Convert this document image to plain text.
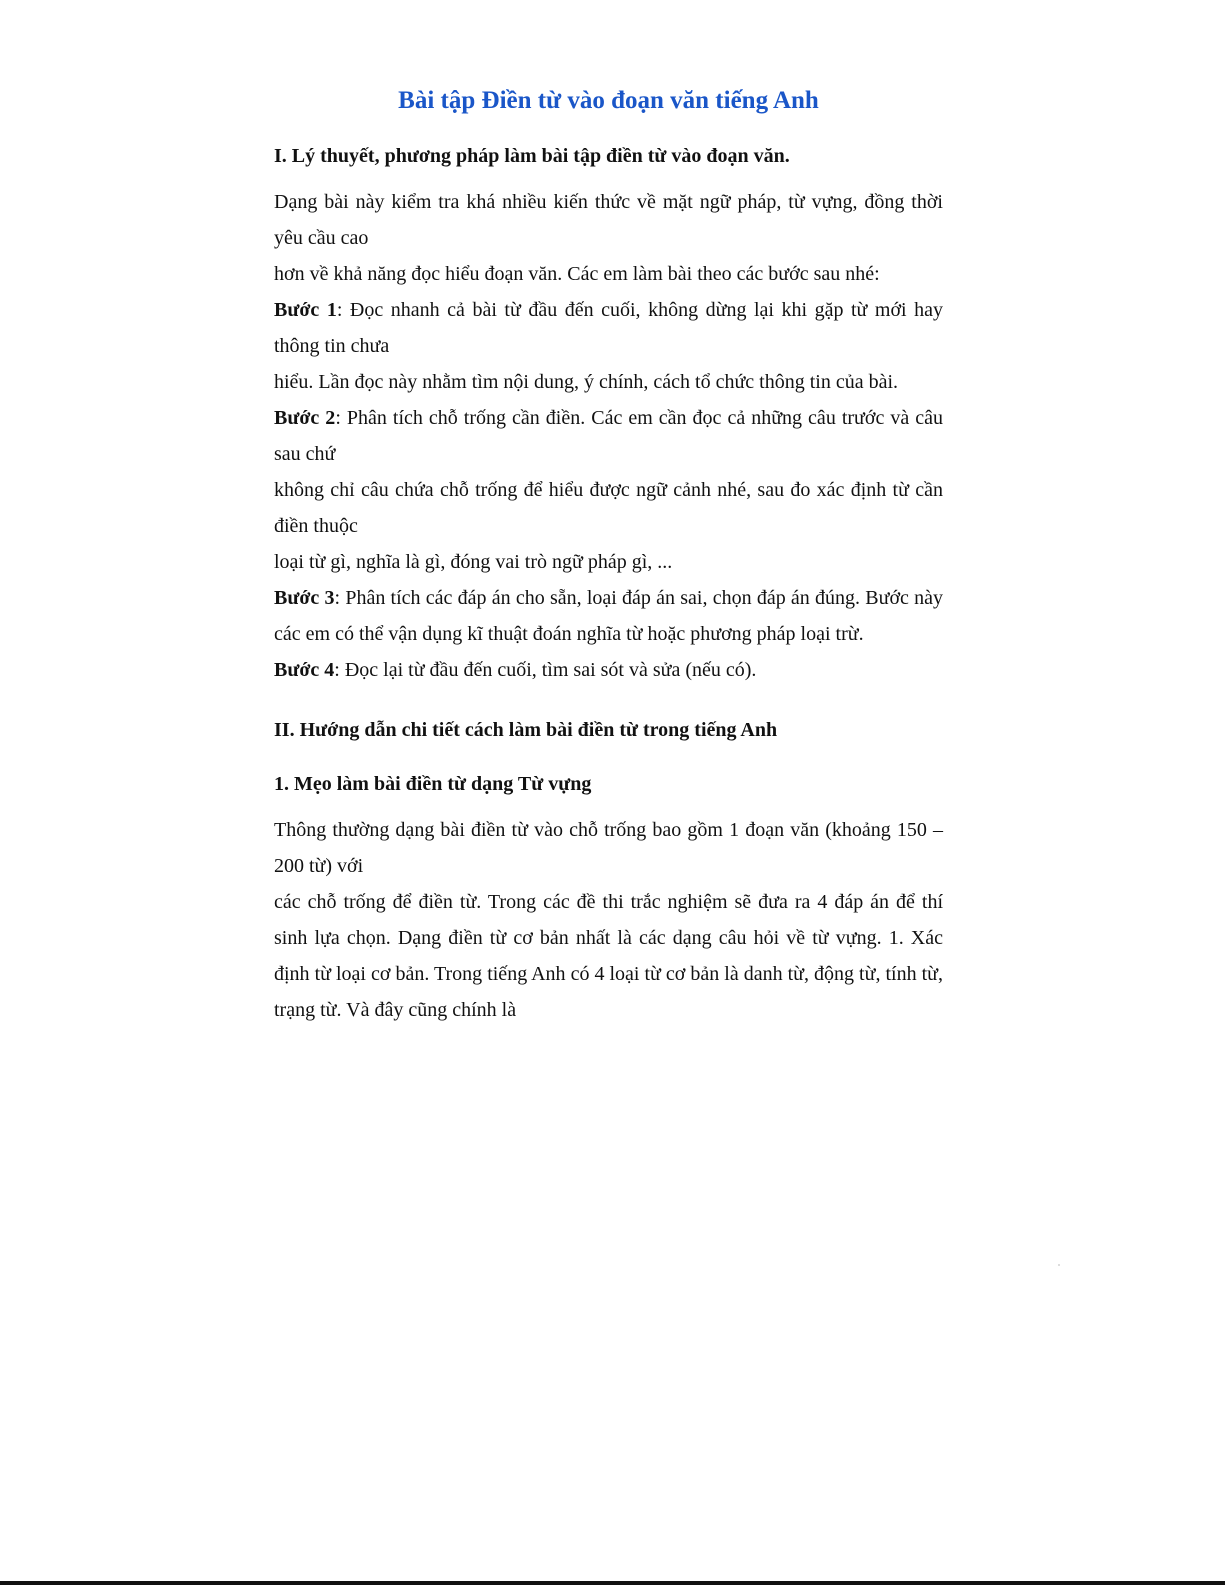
Bài tập Điền từ vào đoạn văn tiếng Anh
I. Lý thuyết, phương pháp làm bài tập điền từ vào đoạn văn.

Dạng bài này kiểm tra khá nhiều kiến thức về mặt ngữ pháp, từ vựng, đồng thời yêu cầu cao

hơn về khả năng đọc hiểu đoạn văn. Các em làm bài theo các bước sau nhé:

Bước 1: Đọc nhanh cả bài từ đầu đến cuối, không dừng lại khi gặp từ mới hay thông tin chưa

hiểu. Lần đọc này nhằm tìm nội dung, ý chính, cách tổ chức thông tin của bài.

Bước 2: Phân tích chỗ trống cần điền. Các em cần đọc cả những câu trước và câu sau chứ

không chỉ câu chứa chỗ trống để hiểu được ngữ cảnh nhé, sau đo xác định từ cần điền thuộc

loại từ gì, nghĩa là gì, đóng vai trò ngữ pháp gì, ...

Bước 3: Phân tích các đáp án cho sẵn, loại đáp án sai, chọn đáp án đúng. Bước này các em có thể vận dụng kĩ thuật đoán nghĩa từ hoặc phương pháp loại trừ.

Bước 4: Đọc lại từ đầu đến cuối, tìm sai sót và sửa (nếu có).

II. Hướng dẫn chi tiết cách làm bài điền từ trong tiếng Anh
1. Mẹo làm bài điền từ dạng Từ vựng

Thông thường dạng bài điền từ vào chỗ trống bao gồm 1 đoạn văn (khoảng 150 – 200 từ) với

các chỗ trống để điền từ. Trong các đề thi trắc nghiệm sẽ đưa ra 4 đáp án để thí sinh lựa chọn. Dạng điền từ cơ bản nhất là các dạng câu hỏi về từ vựng. 1. Xác định từ loại cơ bản. Trong tiếng Anh có 4 loại từ cơ bản là danh từ, động từ, tính từ, trạng từ. Và đây cũng chính là
